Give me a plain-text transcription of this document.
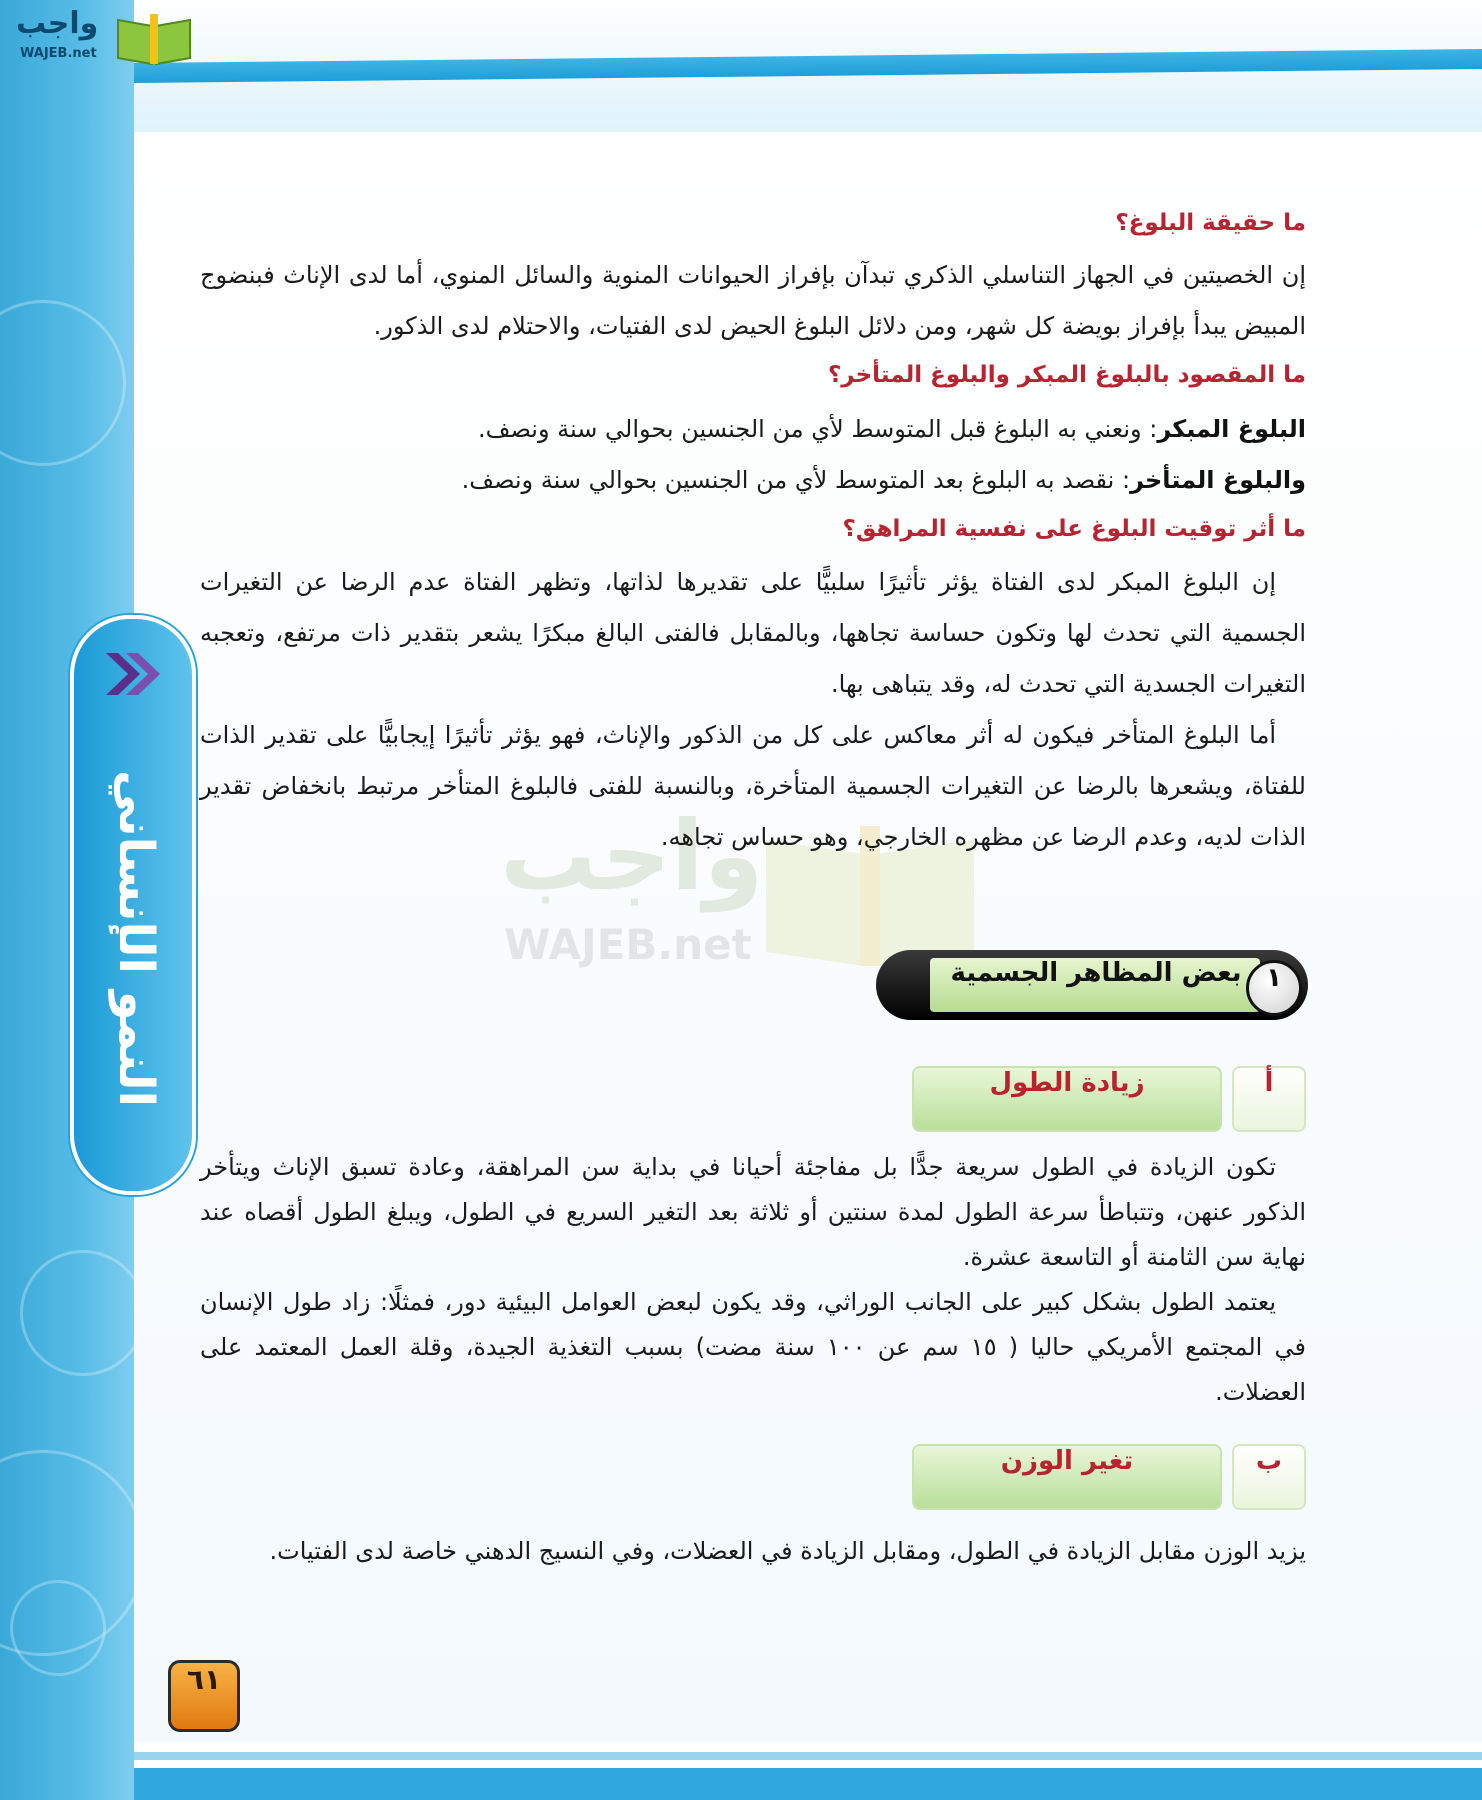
واجب
WAJEB.net
النمو الإنساني	واجب
WAJEB.net
ما حقيقة البلوغ؟
إن الخصيتين في الجهاز التناسلي الذكري تبدآن بإفراز الحيوانات المنوية والسائل المنوي، أما لدى الإناث فبنضوج المبيض يبدأ بإفراز بويضة كل شهر، ومن دلائل البلوغ الحيض لدى الفتيات، والاحتلام لدى الذكور.
ما المقصود بالبلوغ المبكر والبلوغ المتأخر؟
البلوغ المبكر: ونعني به البلوغ قبل المتوسط لأي من الجنسين بحوالي سنة ونصف.
والبلوغ المتأخر: نقصد به البلوغ بعد المتوسط لأي من الجنسين بحوالي سنة ونصف.
ما أثر توقيت البلوغ على نفسية المراهق؟
إن البلوغ المبكر لدى الفتاة يؤثر تأثيرًا سلبيًّا على تقديرها لذاتها، وتظهر الفتاة عدم الرضا عن التغيرات الجسمية التي تحدث لها وتكون حساسة تجاهها، وبالمقابل فالفتى البالغ مبكرًا يشعر بتقدير ذات مرتفع، وتعجبه التغيرات الجسدية التي تحدث له، وقد يتباهى بها.
أما البلوغ المتأخر فيكون له أثر معاكس على كل من الذكور والإناث، فهو يؤثر تأثيرًا إيجابيًّا على تقدير الذات للفتاة، ويشعرها بالرضا عن التغيرات الجسمية المتأخرة، وبالنسبة للفتى فالبلوغ المتأخر مرتبط بانخفاض تقدير الذات لديه، وعدم الرضا عن مظهره الخارجي، وهو حساس تجاهه.
بعض المظاهر الجسمية ١
أ
زيادة الطول
تكون الزيادة في الطول سريعة جدًّا بل مفاجئة أحيانا في بداية سن المراهقة، وعادة تسبق الإناث ويتأخر الذكور عنهن، وتتباطأ سرعة الطول لمدة سنتين أو ثلاثة بعد التغير السريع في الطول، ويبلغ الطول أقصاه عند نهاية سن الثامنة أو التاسعة عشرة.
يعتمد الطول بشكل كبير على الجانب الوراثي، وقد يكون لبعض العوامل البيئية دور، فمثلًا: زاد طول الإنسان في المجتمع الأمريكي حاليا ( ١٥ سم عن ١٠٠ سنة مضت) بسبب التغذية الجيدة، وقلة العمل المعتمد على العضلات.
ب
تغير الوزن
يزيد الوزن مقابل الزيادة في الطول، ومقابل الزيادة في العضلات، وفي النسيج الدهني خاصة لدى الفتيات.
٦١
